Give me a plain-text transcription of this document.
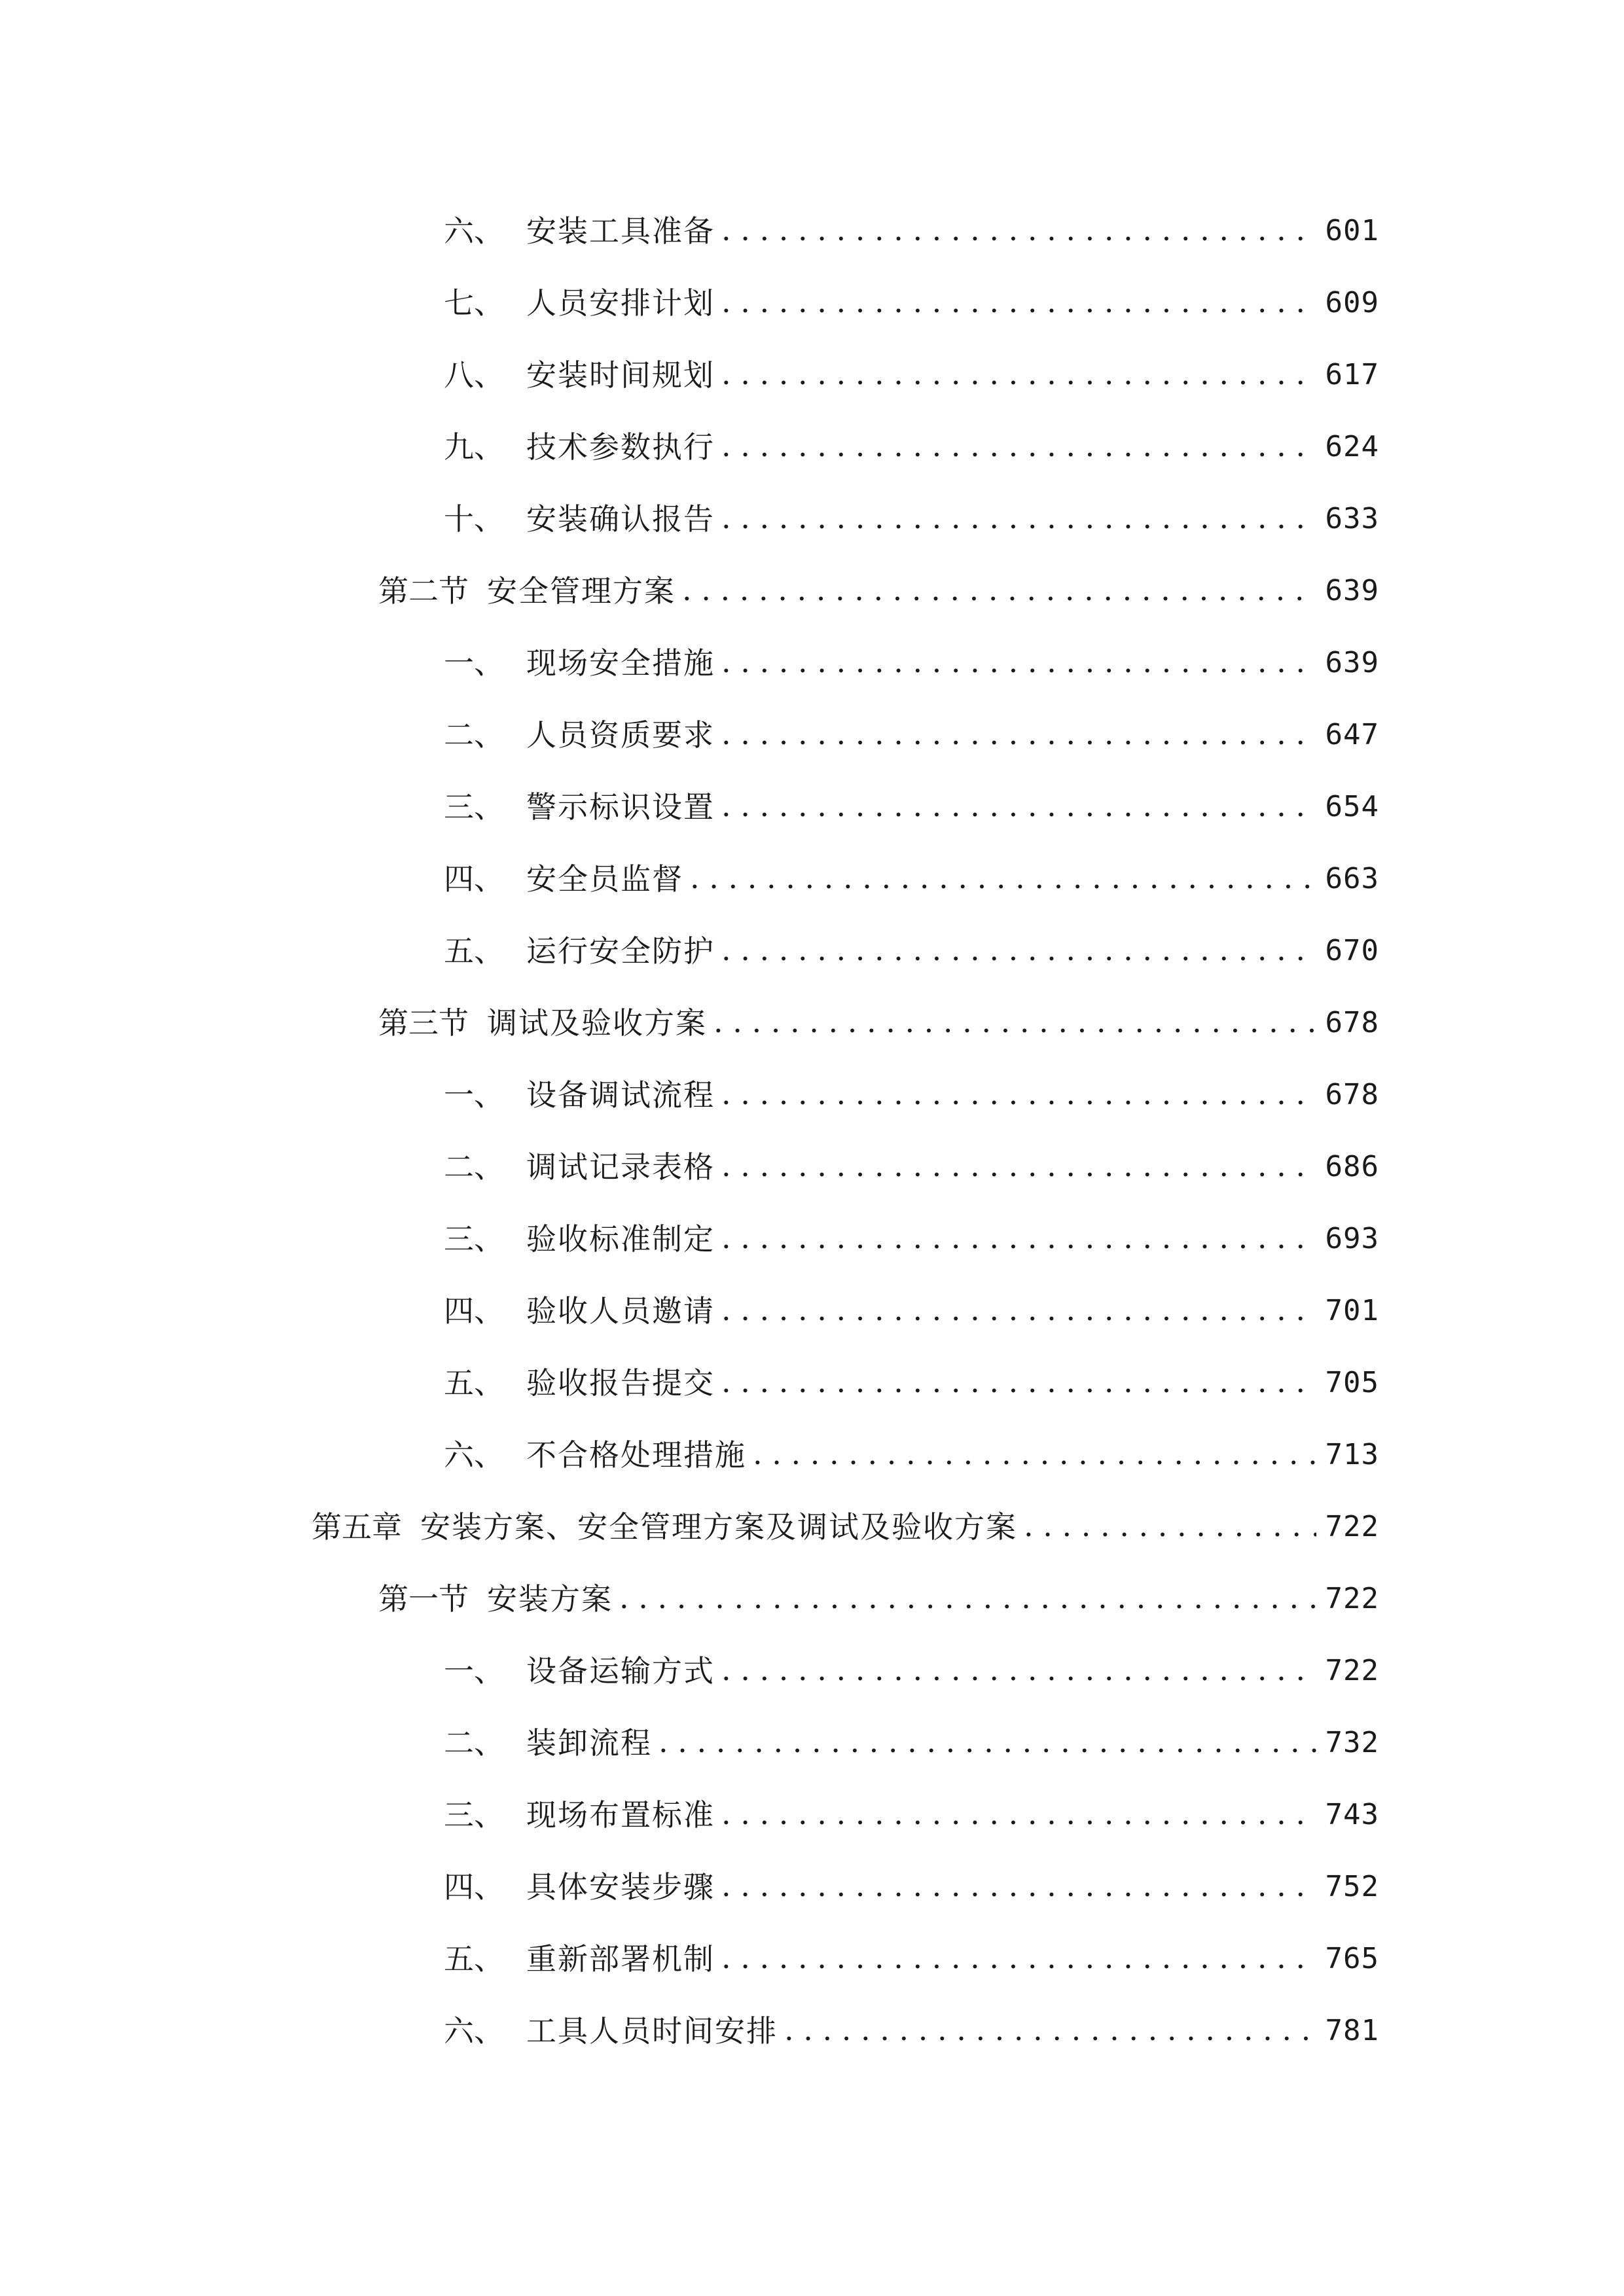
六、 安装工具准备 . . .	601
七、 人员安排计划 . . .	609
八、 安装时间规划 . . .	617
九、 技术参数执行 . . .	624
十、 安装确认报告 . . .	633
第二节 安全管理方案 . . .	639
一、 现场安全措施 . . .	639
二、 人员资质要求 . . .	647
三、 警示标识设置 . . .	654
四、 安全员监督 . . .	663
五、 运行安全防护 . . .	670
第三节 调试及验收方案 . . .	678
一、 设备调试流程 . . .	678
二、 调试记录表格 . . .	686
三、 验收标准制定 . . .	693
四、 验收人员邀请 . . .	701
五、 验收报告提交 . . .	705
六、 不合格处理措施 . . .	713
第五章 安装方案、安全管理方案及调试及验收方案 . . .	722
第一节 安装方案 . . .	722
一、 设备运输方式 . . .	722
二、 装卸流程 . . .	732
三、 现场布置标准 . . .	743
四、 具体安装步骤 . . .	752
五、 重新部署机制 . . .	765
六、 工具人员时间安排 . . .	781
